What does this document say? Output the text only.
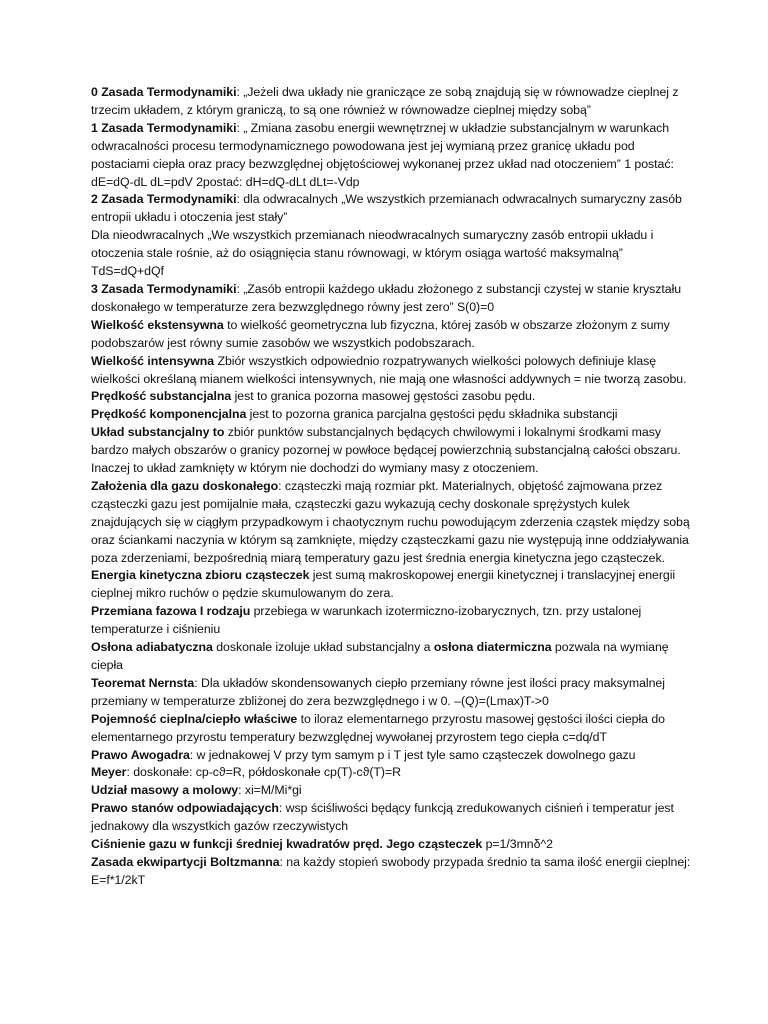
0 Zasada Termodynamiki: „Jeżeli dwa układy nie graniczące ze sobą znajdują się w równowadze cieplnej z trzecim układem, z którym graniczą, to są one również w równowadze cieplnej między sobą”

1 Zasada Termodynamiki: „ Zmiana zasobu energii wewnętrznej w układzie substancjalnym w warunkach odwracalności procesu termodynamicznego powodowana jest jej wymianą przez granicę układu pod postaciami ciepła oraz pracy bezwzględnej objętościowej wykonanej przez układ nad otoczeniem” 1 postać: dE=dQ-dL dL=pdV 2postać: dH=dQ-dLt dLt=-Vdp

2 Zasada Termodynamiki: dla odwracalnych „We wszystkich przemianach odwracalnych sumaryczny zasób entropii układu i otoczenia jest stały”

Dla nieodwracalnych „We wszystkich przemianach nieodwracalnych sumaryczny zasób entropii układu i otoczenia stale rośnie, aż do osiągnięcia stanu równowagi, w którym osiąga wartość maksymalną” TdS=dQ+dQf

3 Zasada Termodynamiki: „Zasób entropii każdego układu złożonego z substancji czystej w stanie kryształu doskonałego w temperaturze zera bezwzględnego równy jest zero” S(0)=0

Wielkość ekstensywna to wielkość geometryczna lub fizyczna, której zasób w obszarze złożonym z sumy podobszarów jest równy sumie zasobów we wszystkich podobszarach.

Wielkość intensywna Zbiór wszystkich odpowiednio rozpatrywanych wielkości polowych definiuje klasę wielkości określaną mianem wielkości intensywnych, nie mają one własności addywnych = nie tworzą zasobu.

Prędkość substancjalna jest to granica pozorna masowej gęstości zasobu pędu.

Prędkość komponencjalna jest to pozorna granica parcjalna gęstości pędu składnika substancji

Układ substancjalny to zbiór punktów substancjalnych będących chwilowymi i lokalnymi środkami masy bardzo małych obszarów o granicy pozornej w powłoce będącej powierzchnią substancjalną całości obszaru. Inaczej to układ zamknięty w którym nie dochodzi do wymiany masy z otoczeniem.

Założenia dla gazu doskonałego: cząsteczki mają rozmiar pkt. Materialnych, objętość zajmowana przez cząsteczki gazu jest pomijalnie mała, cząsteczki gazu wykazują cechy doskonale sprężystych kulek znajdujących się w ciągłym przypadkowym i chaotycznym ruchu powodującym zderzenia cząstek między sobą oraz ściankami naczynia w którym są zamknięte, między cząsteczkami gazu nie występują inne oddziaływania poza zderzeniami, bezpośrednią miarą temperatury gazu jest średnia energia kinetyczna jego cząsteczek.

Energia kinetyczna zbioru cząsteczek jest sumą makroskopowej energii kinetycznej i translacyjnej energii cieplnej mikro ruchów o pędzie skumulowanym do zera.

Przemiana fazowa I rodzaju przebiega w warunkach izotermiczno-izobarycznych, tzn. przy ustalonej temperaturze i ciśnieniu

Osłona adiabatyczna doskonale izoluje układ substancjalny a osłona diatermiczna pozwala na wymianę ciepła

Teoremat Nernsta: Dla układów skondensowanych ciepło przemiany równe jest ilości pracy maksymalnej przemiany w temperaturze zbliżonej do zera bezwzględnego i w 0. –(Q)=(Lmax)T->0

Pojemność cieplna/ciepło właściwe to iloraz elementarnego przyrostu masowej gęstości ilości ciepła do elementarnego przyrostu temperatury bezwzględnej wywołanej przyrostem tego ciepła c=dq/dT

Prawo Awogadra: w jednakowej V przy tym samym p i T jest tyle samo cząsteczek dowolnego gazu

Meyer: doskonałe: cp-cϑ=R, półdoskonałe cp(T)-cϑ(T)=R

Udział masowy a molowy: xi=M/Mi*gi

Prawo stanów odpowiadających: wsp ściśliwości będący funkcją zredukowanych ciśnień i temperatur jest jednakowy dla wszystkich gazów rzeczywistych

Ciśnienie gazu w funkcji średniej kwadratów pręd. Jego cząsteczek p=1/3mnδ^2

Zasada ekwipartycji Boltzmanna: na każdy stopień swobody przypada średnio ta sama ilość energii cieplnej: E=f*1/2kT
